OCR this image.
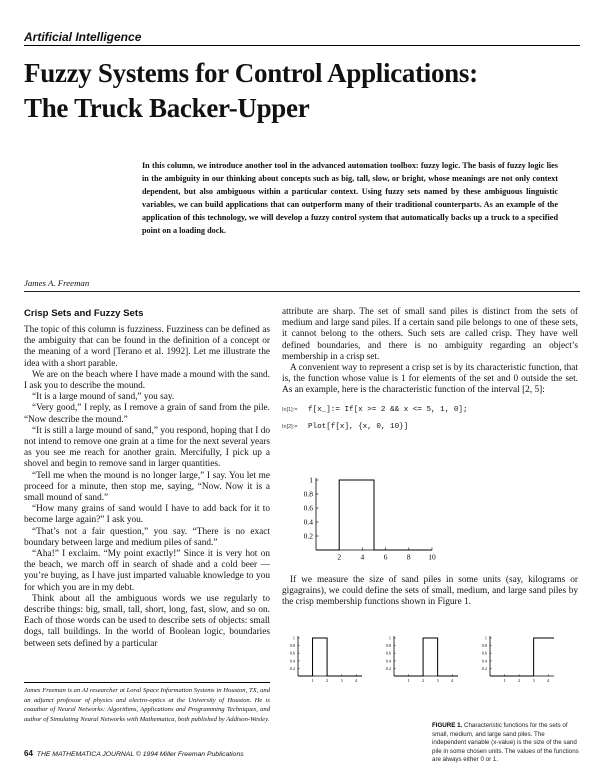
Artificial Intelligence
Fuzzy Systems for Control Applications:
The Truck Backer-Upper
In this column, we introduce another tool in the advanced automation toolbox: fuzzy logic. The basis of fuzzy logic lies in the ambiguity in our thinking about concepts such as big, tall, slow, or bright, whose meanings are not only context dependent, but also ambiguous within a particular context. Using fuzzy sets named by these ambiguous linguistic variables, we can build applications that can outperform many of their traditional counterparts. As an example of the application of this technology, we will develop a fuzzy control system that automatically backs up a truck to a specified point on a loading dock.
James A. Freeman
Crisp Sets and Fuzzy Sets

The topic of this column is fuzziness. Fuzziness can be defined as the ambiguity that can be found in the definition of a concept or the meaning of a word [Terano et al. 1992]. Let me illustrate the idea with a short parable.

We are on the beach where I have made a mound with the sand. I ask you to describe the mound.

“It is a large mound of sand,” you say.

“Very good,” I reply, as I remove a grain of sand from the pile. “Now describe the mound.”

“It is still a large mound of sand,” you respond, hoping that I do not intend to remove one grain at a time for the next several years as you see me reach for another grain. Mercifully, I pick up a shovel and begin to remove sand in larger quantities.

“Tell me when the mound is no longer large,” I say. You let me proceed for a minute, then stop me, saying, “Now. Now it is a small mound of sand.”

“How many grains of sand would I have to add back for it to become large again?” I ask you.

“That’s not a fair question,” you say. “There is no exact boundary between large and medium piles of sand.”

“Aha!” I exclaim. “My point exactly!” Since it is very hot on the beach, we march off in search of shade and a cold beer — you’re buying, as I have just imparted valuable knowledge to you for which you are in my debt.

Think about all the ambiguous words we use regularly to describe things: big, small, tall, short, long, fast, slow, and so on. Each of those words can be used to describe sets of objects: small dogs, tall buildings. In the world of Boolean logic, boundaries between sets defined by a particular

James Freeman is an AI researcher at Loral Space Information Systems in Houston, TX, and an adjunct professor of physics and electro-optics at the University of Houston. He is coauthor of Neural Networks: Algorithms, Applications and Programming Techniques, and author of Simulating Neural Networks with Mathematica, both published by Addison-Wesley.

attribute are sharp. The set of small sand piles is distinct from the sets of medium and large sand piles. If a certain sand pile belongs to one of these sets, it cannot belong to the others. Such sets are called crisp. They have well defined boundaries, and there is no ambiguity regarding an object’s membership in a crisp set.

A convenient way to represent a crisp set is by its characteristic function, that is, the function whose value is 1 for elements of the set and 0 outside the set. As an example, here is the characteristic function of the interval [2, 5]:

In[1]:=	f[x_]:= If[x >= 2 && x <= 5, 1, 0];
In[2]:=	Plot[f[x], {x, 0, 10}]
2	4	6	8 10
0.2
0.4
0.6
0.8
1

If we measure the size of sand piles in some units (say, kilograms or gigagrains), we could define the sets of small, medium, and large sand piles by the crisp membership functions shown in Figure 1.

1	2	3	4
0.2
0.4
0.6
0.8
1
1	2	3	4
0.2
0.4
0.6
0.8
1
1	2	3	4
0.2
0.4
0.6
0.8
1
FIGURE 1. Characteristic functions for the sets of small, medium, and large sand piles. The independent variable (x-value) is the size of the sand pile in some chosen units. The values of the functions are always either 0 or 1.
64 THE MATHEMATICA JOURNAL © 1994 Miller Freeman Publications
